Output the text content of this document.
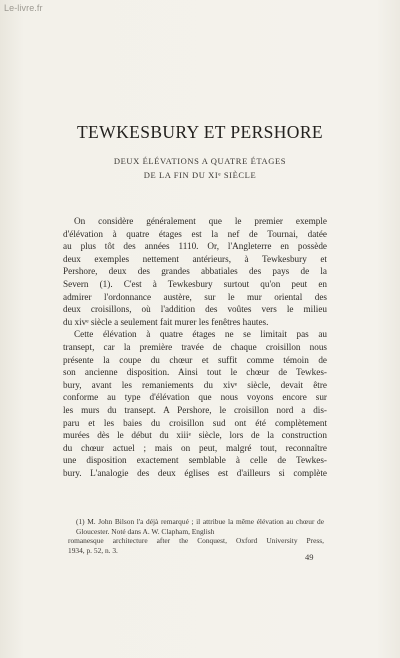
Le-livre.fr
TEWKESBURY ET PERSHORE
DEUX ÉLÉVATIONS A QUATRE ÉTAGES
DE LA FIN DU XIᵉ SIÈCLE
On considère généralement que le premier exemple
d'élévation à quatre étages est la nef de Tournai, datée
au plus tôt des années 1110. Or, l'Angleterre en possède
deux exemples nettement antérieurs, à Tewkesbury et
Pershore, deux des grandes abbatiales des pays de la
Severn (1). C'est à Tewkesbury surtout qu'on peut en
admirer l'ordonnance austère, sur le mur oriental des
deux croisillons, où l'addition des voûtes vers le milieu
du xivᵉ siècle a seulement fait murer les fenêtres hautes.
Cette élévation à quatre étages ne se limitait pas au
transept, car la première travée de chaque croisillon nous
présente la coupe du chœur et suffit comme témoin de
son ancienne disposition. Ainsi tout le chœur de Tewkes-
bury, avant les remaniements du xivᵉ siècle, devait être
conforme au type d'élévation que nous voyons encore sur
les murs du transept. A Pershore, le croisillon nord a dis-
paru et les baies du croisillon sud ont été complètement
murées dès le début du xiiiᵉ siècle, lors de la construction
du chœur actuel ; mais on peut, malgré tout, reconnaître
une disposition exactement semblable à celle de Tewkes-
bury. L'analogie des deux églises est d'ailleurs si complète
(1) M. John Bilson l'a déjà remarqué ; il attribue la même élévation au chœur de Gloucester. Noté dans A. W. Clapham, English
romanesque architecture after the Conquest, Oxford University Press,
1934, p. 52, n. 3.
49
